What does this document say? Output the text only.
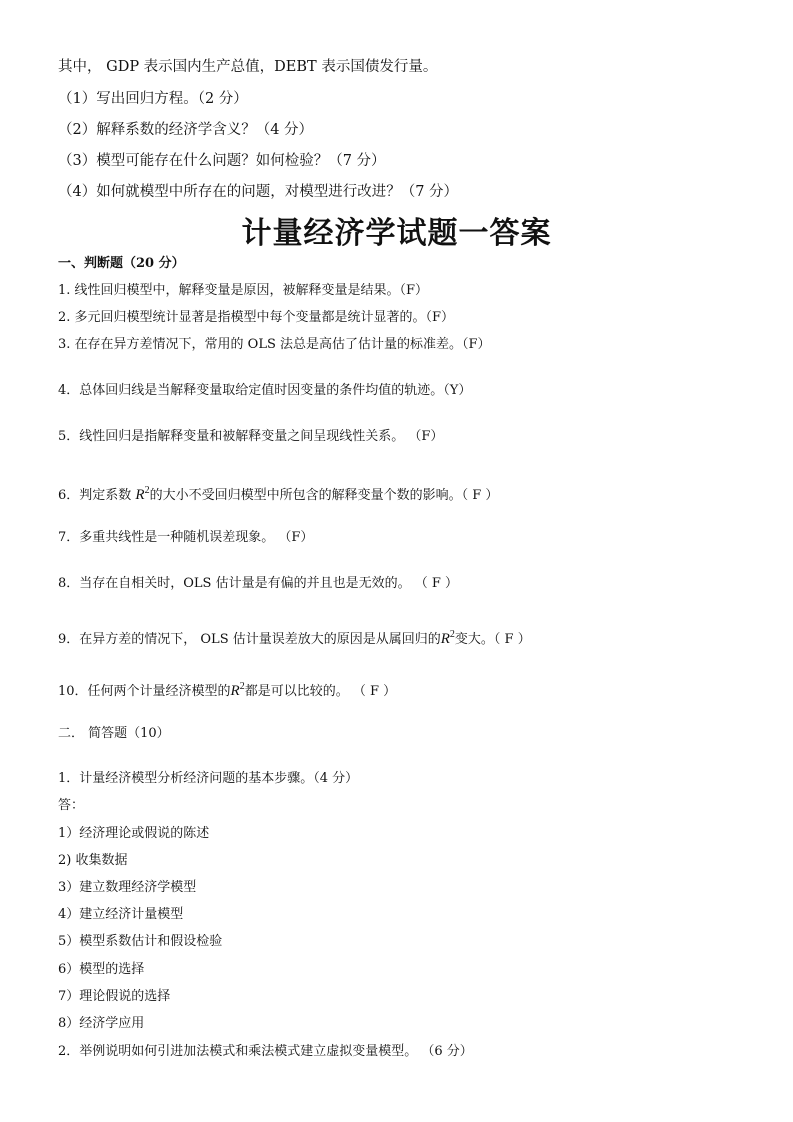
其中， GDP 表示国内生产总值，DEBT 表示国债发行量。
（1）写出回归方程。（2 分）
（2）解释系数的经济学含义？（4 分）
（3）模型可能存在什么问题？如何检验？（7 分）
（4）如何就模型中所存在的问题，对模型进行改进？（7 分）
计量经济学试题一答案
一、判断题（20 分）
1. 线性回归模型中，解释变量是原因，被解释变量是结果。（F）
2. 多元回归模型统计显著是指模型中每个变量都是统计显著的。（F）
3. 在存在异方差情况下，常用的 OLS 法总是高估了估计量的标准差。（F）
4．总体回归线是当解释变量取给定值时因变量的条件均值的轨迹。（Y）
5．线性回归是指解释变量和被解释变量之间呈现线性关系。 （F）
6．判定系数 $R^2$的大小不受回归模型中所包含的解释变量个数的影响。（ F ）
7．多重共线性是一种随机误差现象。 （F）
8．当存在自相关时，OLS 估计量是有偏的并且也是无效的。 （ F ）
9．在异方差的情况下， OLS 估计量误差放大的原因是从属回归的$R^2$变大。（ F ）
10．任何两个计量经济模型的$R^2$都是可以比较的。 （ F ）
二． 简答题（10）
1．计量经济模型分析经济问题的基本步骤。（4 分）
答：
1）经济理论或假说的陈述
2) 收集数据
3）建立数理经济学模型
4）建立经济计量模型
5）模型系数估计和假设检验
6）模型的选择
7）理论假说的选择
8）经济学应用
2．举例说明如何引进加法模式和乘法模式建立虚拟变量模型。 （6 分）
